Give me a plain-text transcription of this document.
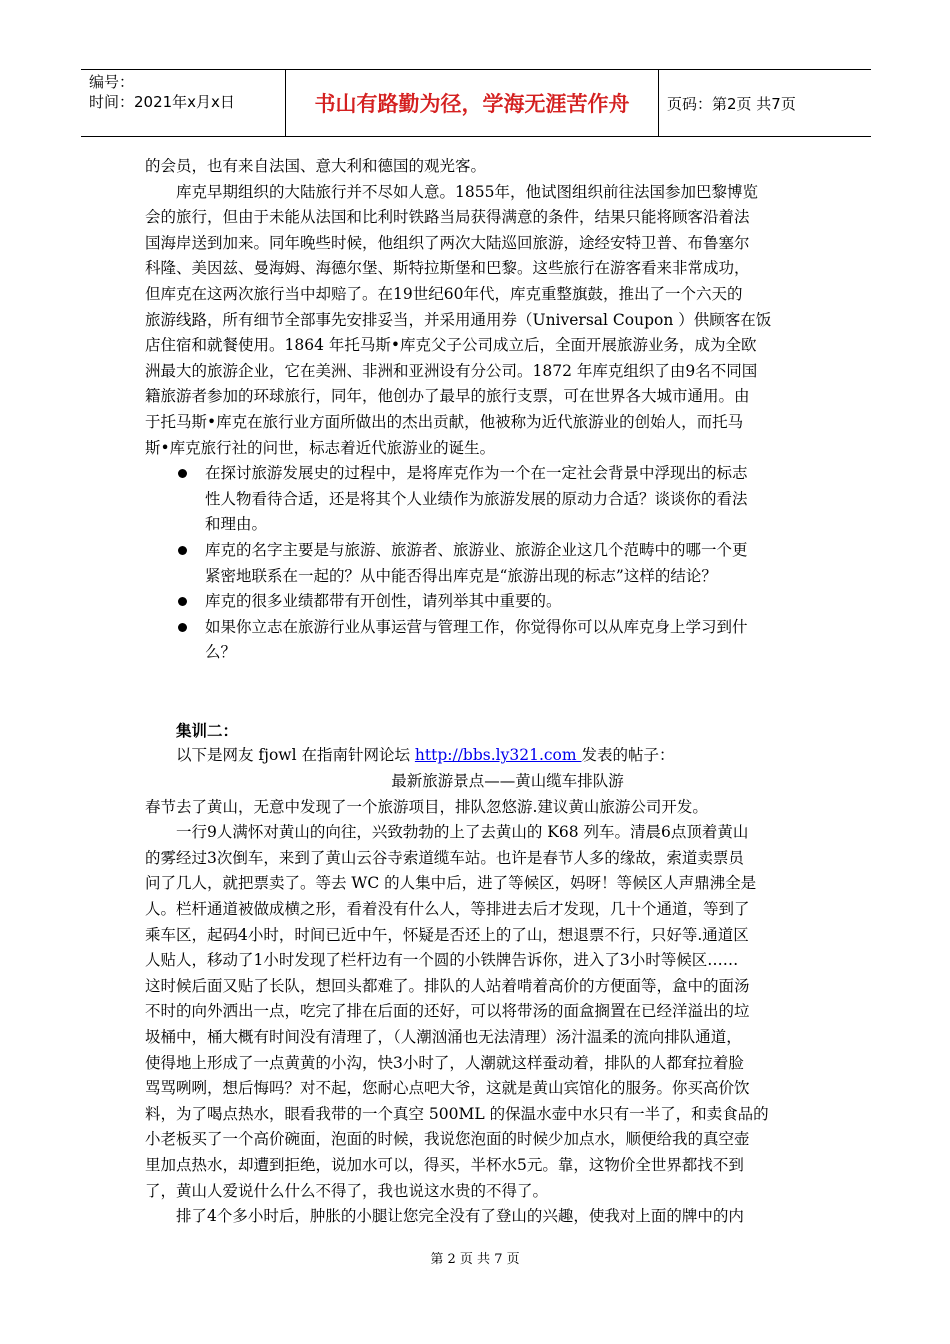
编号：
时间：2021年x月x日	书山有路勤为径，学海无涯苦作舟	页码：第2页 共7页
的会员，也有来自法国、意大利和德国的观光客。
库克早期组织的大陆旅行并不尽如人意。1855年，他试图组织前往法国参加巴黎博览
会的旅行，但由于未能从法国和比利时铁路当局获得满意的条件，结果只能将顾客沿着法
国海岸送到加来。同年晚些时候，他组织了两次大陆巡回旅游，途经安特卫普、布鲁塞尔
科隆、美因兹、曼海姆、海德尔堡、斯特拉斯堡和巴黎。这些旅行在游客看来非常成功，
但库克在这两次旅行当中却赔了。在19世纪60年代，库克重整旗鼓，推出了一个六天的
旅游线路，所有细节全部事先安排妥当，并采用通用券（Universal Coupon ）供顾客在饭
店住宿和就餐使用。1864 年托马斯•库克父子公司成立后，全面开展旅游业务，成为全欧
洲最大的旅游企业，它在美洲、非洲和亚洲设有分公司。1872 年库克组织了由9名不同国
籍旅游者参加的环球旅行，同年，他创办了最早的旅行支票，可在世界各大城市通用。由
于托马斯•库克在旅行业方面所做出的杰出贡献，他被称为近代旅游业的创始人，而托马
斯•库克旅行社的问世，标志着近代旅游业的诞生。
在探讨旅游发展史的过程中，是将库克作为一个在一定社会背景中浮现出的标志
性人物看待合适，还是将其个人业绩作为旅游发展的原动力合适？谈谈你的看法
和理由。
库克的名字主要是与旅游、旅游者、旅游业、旅游企业这几个范畴中的哪一个更
紧密地联系在一起的？从中能否得出库克是“旅游出现的标志”这样的结论？
库克的很多业绩都带有开创性，请列举其中重要的。
如果你立志在旅游行业从事运营与管理工作，你觉得你可以从库克身上学习到什
么？
集训二：
以下是网友 fjowl 在指南针网论坛 http://bbs.ly321.com 发表的帖子：
最新旅游景点——黄山缆车排队游
春节去了黄山，无意中发现了一个旅游项目，排队忽悠游.建议黄山旅游公司开发。
一行9人满怀对黄山的向往，兴致勃勃的上了去黄山的 K68 列车。清晨6点顶着黄山
的雾经过3次倒车，来到了黄山云谷寺索道缆车站。也许是春节人多的缘故，索道卖票员
问了几人，就把票卖了。等去 WC 的人集中后，进了等候区，妈呀！等候区人声鼎沸全是
人。栏杆通道被做成横之形，看着没有什么人，等排进去后才发现，几十个通道，等到了
乘车区，起码4小时，时间已近中午，怀疑是否还上的了山，想退票不行，只好等.通道区
人贴人，移动了1小时发现了栏杆边有一个圆的小铁牌告诉你，进入了3小时等候区……
这时候后面又贴了长队，想回头都难了。排队的人站着啃着高价的方便面等，盒中的面汤
不时的向外洒出一点，吃完了排在后面的还好，可以将带汤的面盒搁置在已经洋溢出的垃
圾桶中，桶大概有时间没有清理了，（人潮汹涌也无法清理）汤汁温柔的流向排队通道，
使得地上形成了一点黄黄的小沟，快3小时了，人潮就这样蚕动着，排队的人都耷拉着脸
骂骂咧咧，想后悔吗？对不起，您耐心点吧大爷，这就是黄山宾馆化的服务。你买高价饮
料，为了喝点热水，眼看我带的一个真空 500ML 的保温水壶中水只有一半了，和卖食品的
小老板买了一个高价碗面，泡面的时候，我说您泡面的时候少加点水，顺便给我的真空壶
里加点热水，却遭到拒绝，说加水可以，得买，半杯水5元。靠，这物价全世界都找不到
了，黄山人爱说什么什么不得了，我也说这水贵的不得了。
排了4个多小时后，肿胀的小腿让您完全没有了登山的兴趣，使我对上面的牌中的内
第 2 页 共 7 页
